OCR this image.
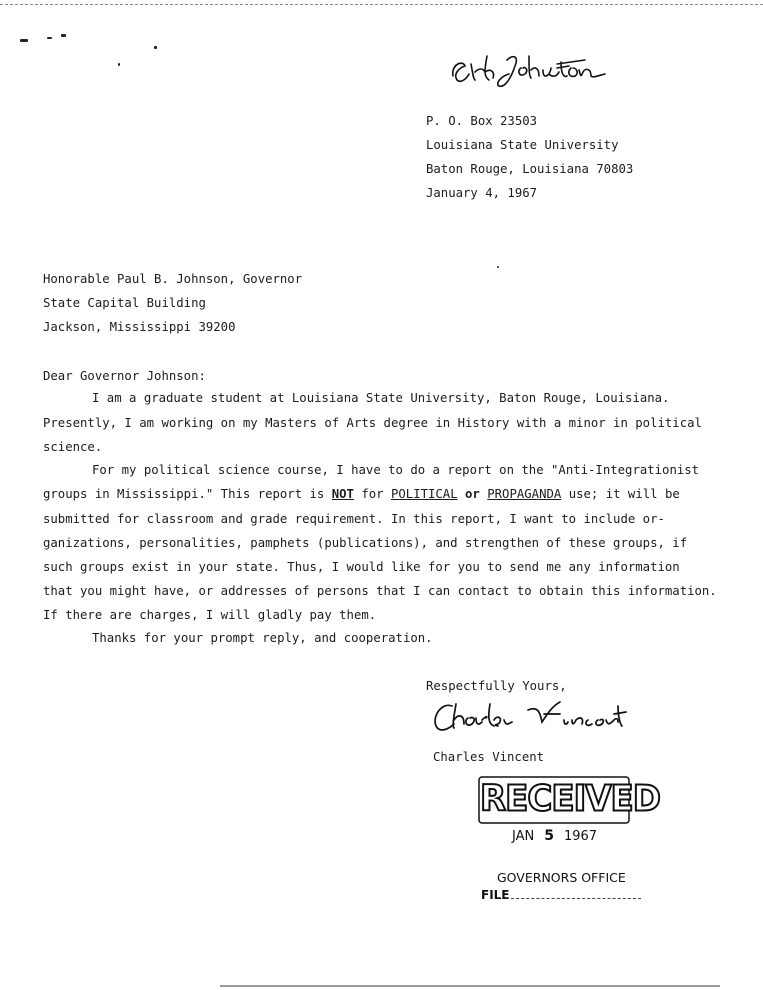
P. O. Box 23503
Louisiana State University
Baton Rouge, Louisiana 70803
January 4, 1967
Honorable Paul B. Johnson, Governor
State Capital Building
Jackson, Mississippi 39200
Dear Governor Johnson:
I am a graduate student at Louisiana State University, Baton Rouge, Louisiana.
Presently, I am working on my Masters of Arts degree in History with a minor in political
science.
For my political science course, I have to do a report on the "Anti-Integrationist
groups in Mississippi." This report is NOT for POLITICAL or PROPAGANDA use; it will be
submitted for classroom and grade requirement. In this report, I want to include or-
ganizations, personalities, pamphets (publications), and strengthen of these groups, if
such groups exist in your state. Thus, I would like for you to send me any information
that you might have, or addresses of persons that I can contact to obtain this information.
If there are charges, I will gladly pay them.
Thanks for your prompt reply, and cooperation.
Respectfully Yours,
Charles Vincent
RECEIVED
JAN 5 1967
GOVERNORS OFFICE
FILE
